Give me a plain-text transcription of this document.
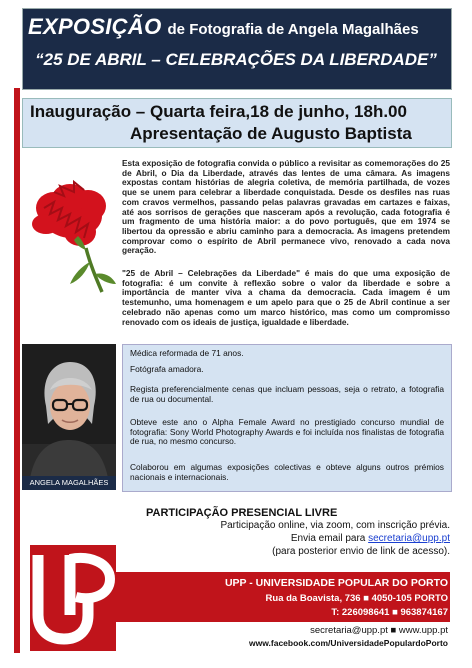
EXPOSIÇÃO de Fotografia de Angela Magalhães
“25 DE ABRIL – CELEBRAÇÕES DA LIBERDADE”
Inauguração – Quarta feira,18 de junho, 18h.00
Apresentação de Augusto Baptista
Esta exposição de fotografia convida o público a revisitar as comemorações do 25 de Abril, o Dia da Liberdade, através das lentes de uma câmara. As imagens expostas contam histórias de alegria coletiva, de memória partilhada, de vozes que se unem para celebrar a liberdade conquistada. Desde os desfiles nas ruas com cravos vermelhos, passando pelas palavras gravadas em cartazes e faixas, até aos sorrisos de gerações que nasceram após a revolução, cada fotografia é um fragmento de uma história maior: a do povo português, que em 1974 se libertou da opressão e abriu caminho para a democracia. As imagens pretendem comprovar como o espírito de Abril permanece vivo, renovado a cada nova geração.
"25 de Abril – Celebrações da Liberdade" é mais do que uma exposição de fotografia: é um convite à reflexão sobre o valor da liberdade e sobre a importância de manter viva a chama da democracia. Cada imagem é um testemunho, uma homenagem e um apelo para que o 25 de Abril continue a ser celebrado não apenas como um marco histórico, mas como um compromisso renovado com os ideais de justiça, igualdade e liberdade.
ANGELA MAGALHÃES
Médica reformada de 71 anos.
Fotógrafa amadora.
Regista preferencialmente cenas que incluam pessoas, seja o retrato, a fotografia de rua ou documental.
Obteve este ano o Alpha Female Award no prestigiado concurso mundial de fotografia: Sony World Photography Awards e foi incluída nos finalistas de fotografia de rua, no mesmo concurso.
Colaborou em algumas exposições colectivas e obteve alguns outros prémios nacionais e internacionais.
PARTICIPAÇÃO PRESENCIAL LIVRE
Participação online, via zoom, com inscrição prévia.
Envia email para secretaria@upp.pt
(para posterior envio de link de acesso).
UPP - UNIVERSIDADE POPULAR DO PORTO
Rua da Boavista, 736 ■ 4050-105 PORTO
T: 226098641 ■ 963874167
secretaria@upp.pt ■ www.upp.pt
www.facebook.com/UniversidadePopulardoPorto
